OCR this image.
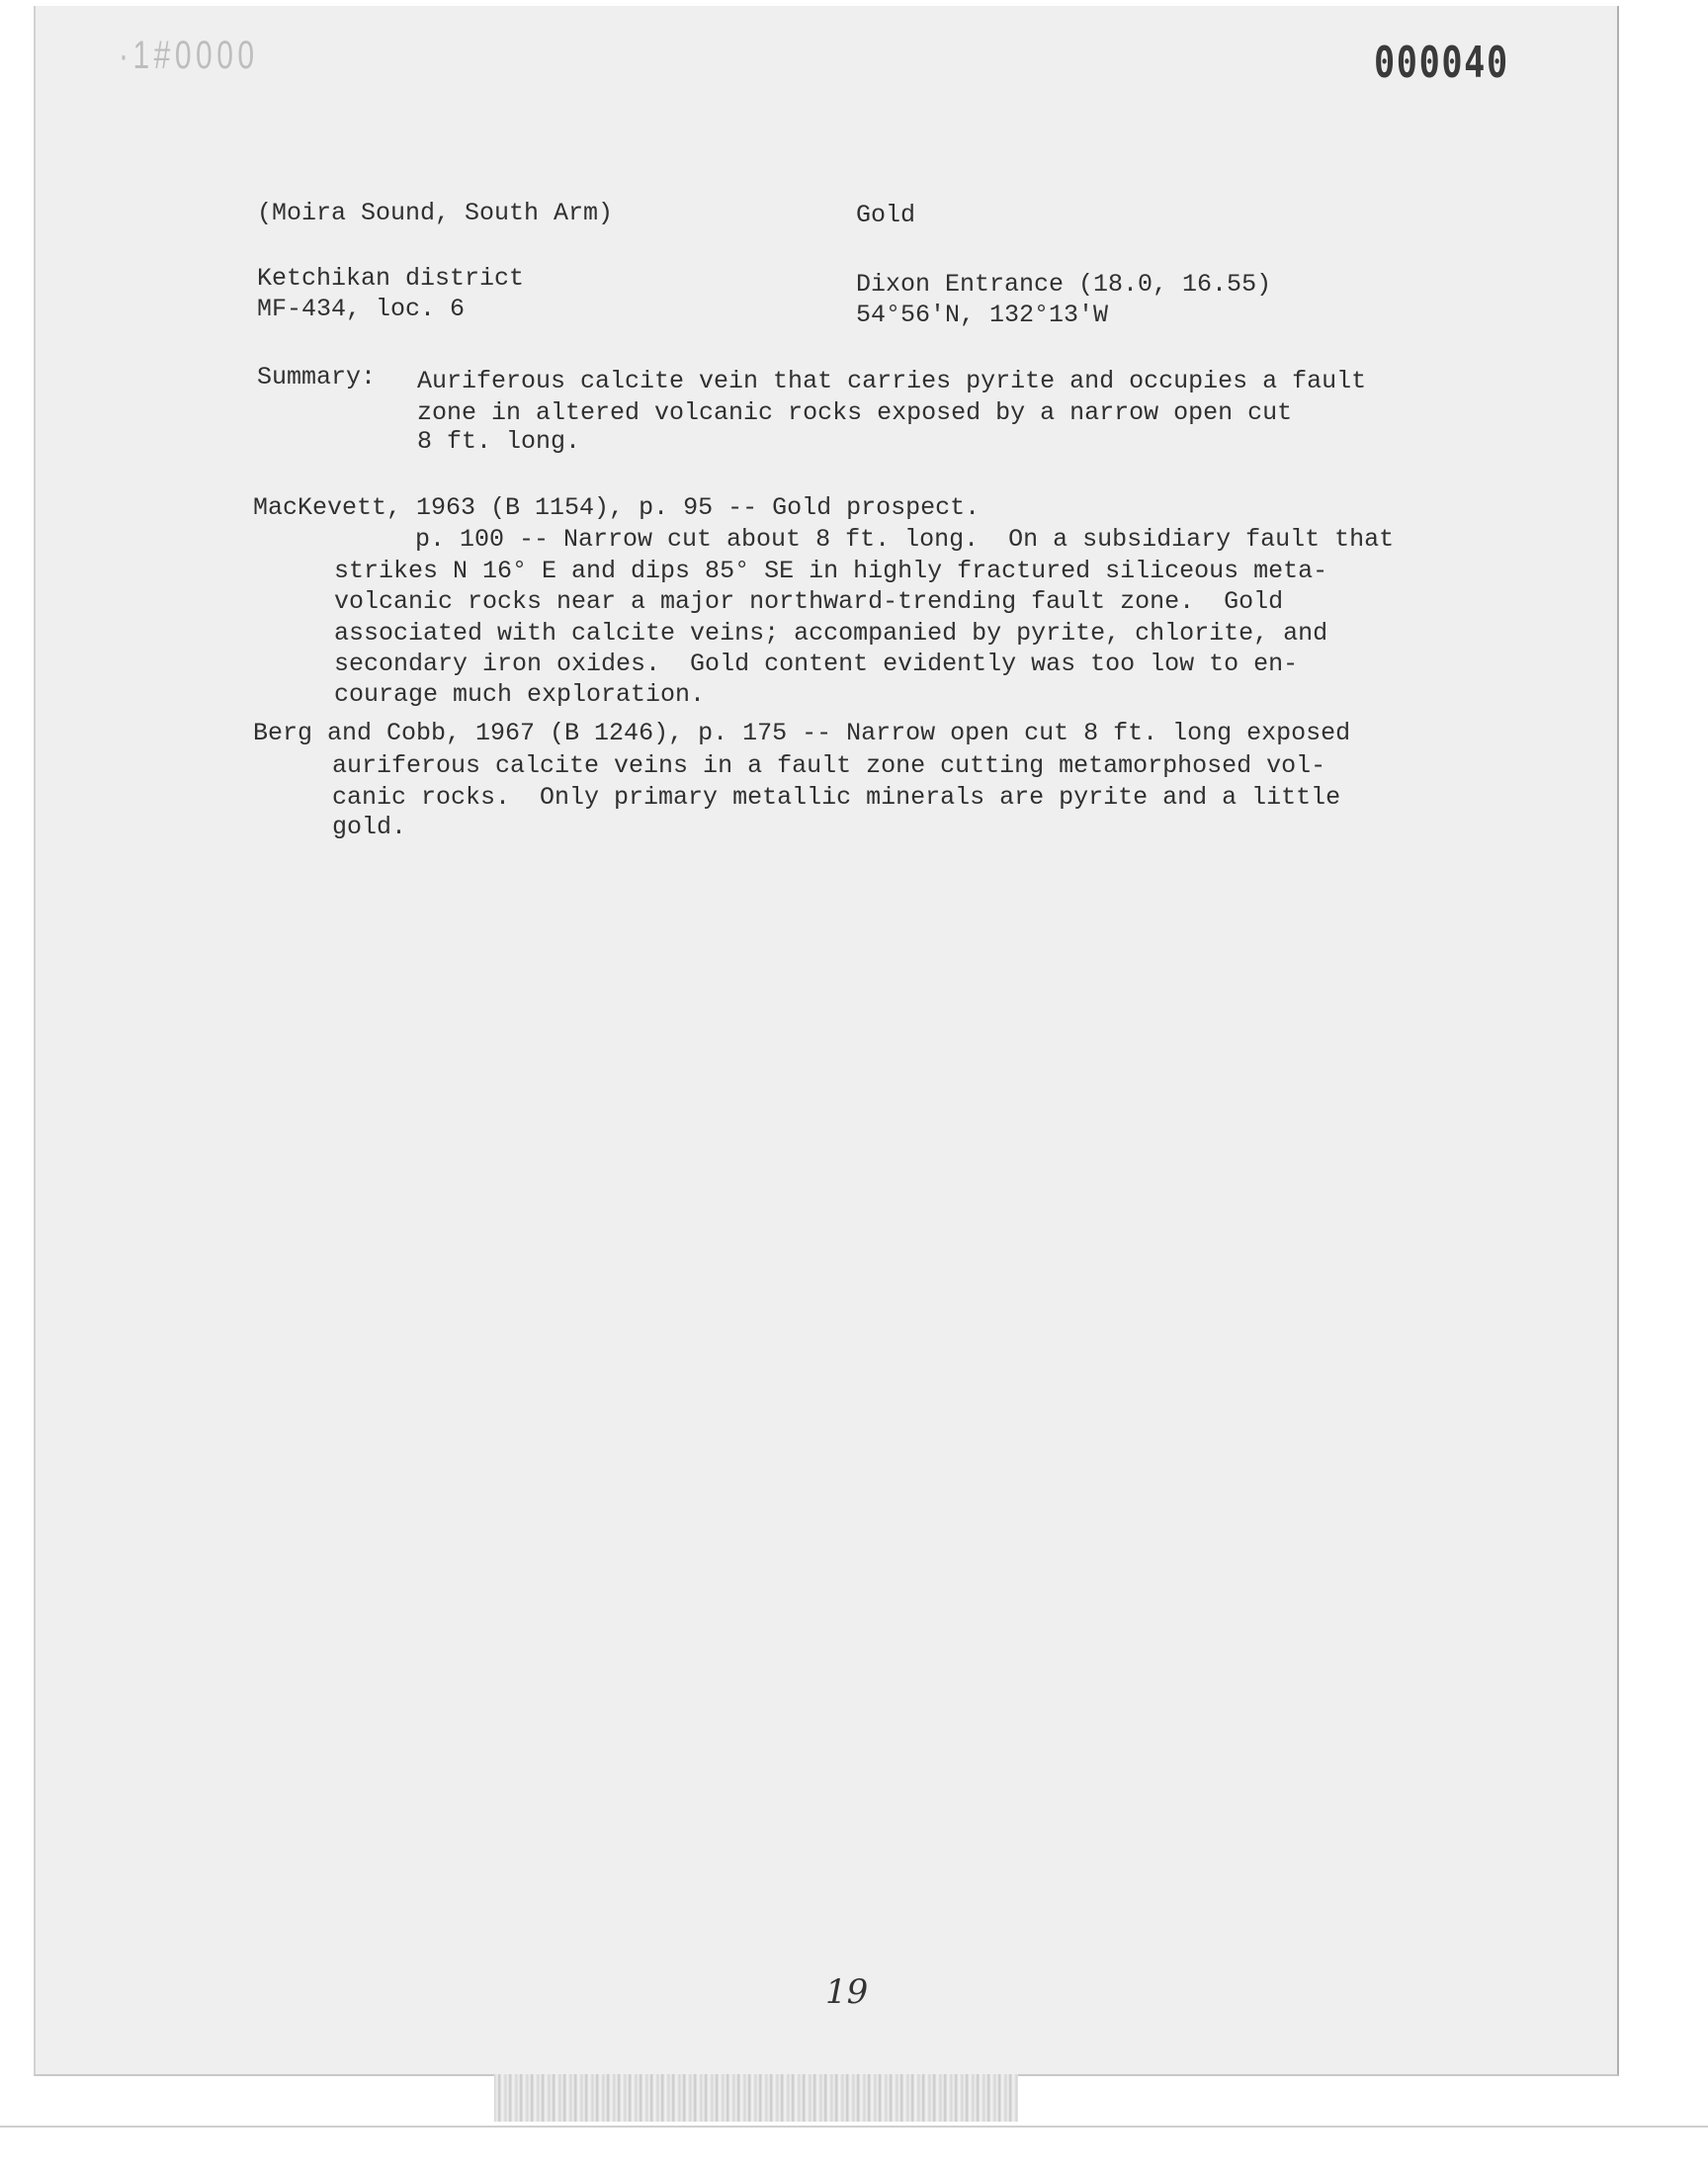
·1#0000	000040
(Moira Sound, South Arm)	Gold
Ketchikan district
MF-434, loc. 6
Dixon Entrance (18.0, 16.55)
54°56'N, 132°13'W
Summary: Auriferous calcite vein that carries pyrite and occupies a fault
zone in altered volcanic rocks exposed by a narrow open cut
8 ft. long.
MacKevett, 1963 (B 1154), p. 95 -- Gold prospect.
p. 100 -- Narrow cut about 8 ft. long.  On a subsidiary fault that
strikes N 16° E and dips 85° SE in highly fractured siliceous meta-
volcanic rocks near a major northward-trending fault zone.  Gold
associated with calcite veins; accompanied by pyrite, chlorite, and
secondary iron oxides.  Gold content evidently was too low to en-
courage much exploration.
Berg and Cobb, 1967 (B 1246), p. 175 -- Narrow open cut 8 ft. long exposed
auriferous calcite veins in a fault zone cutting metamorphosed vol-
canic rocks.  Only primary metallic minerals are pyrite and a little
gold.
19
